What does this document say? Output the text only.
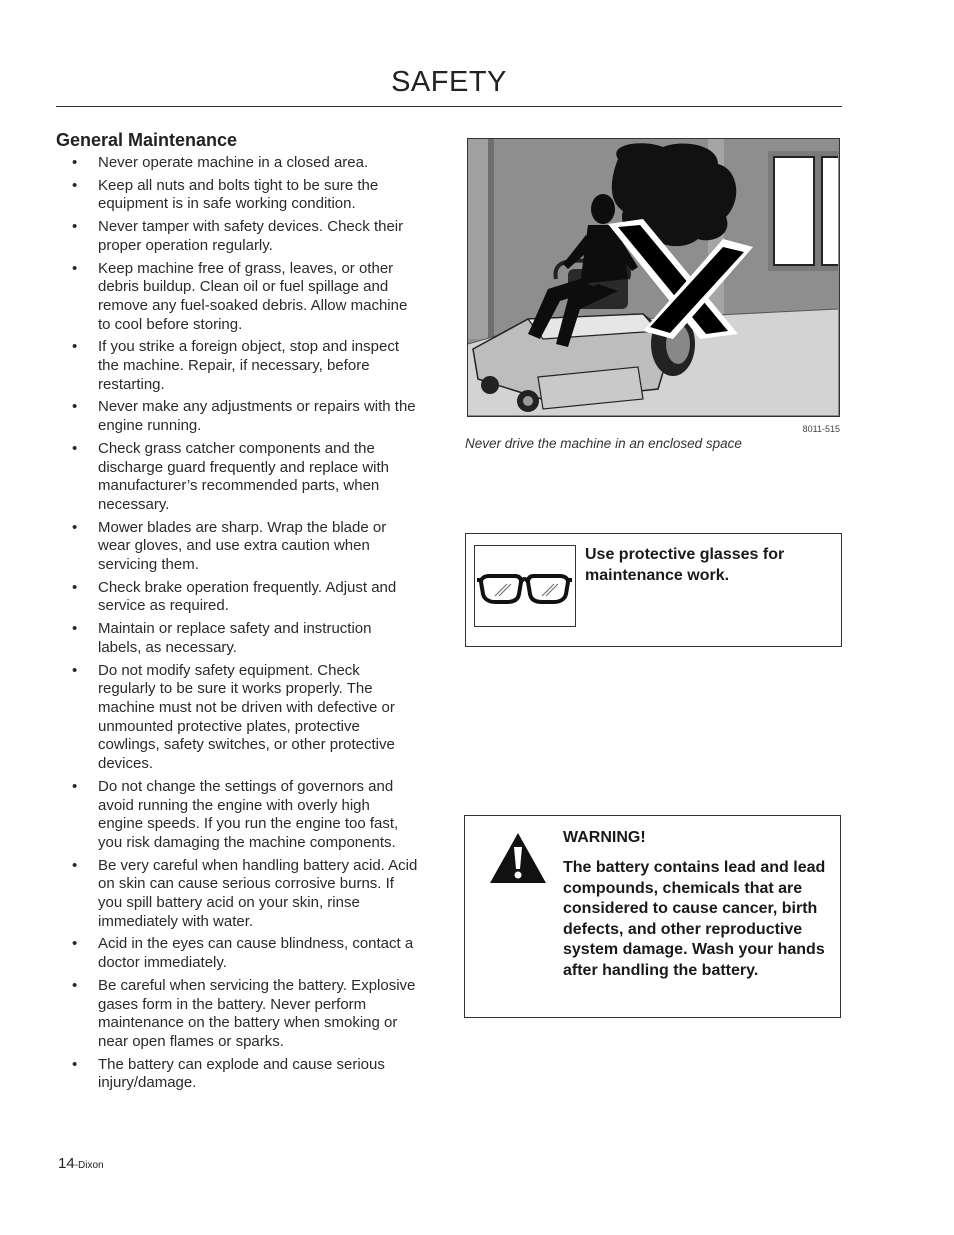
SAFETY
General Maintenance
• Never operate machine in a closed area.
• Keep all nuts and bolts tight to be sure the equipment is in safe working condition.
• Never tamper with safety devices. Check their proper operation regularly.
• Keep machine free of grass, leaves, or other debris buildup. Clean oil or fuel spillage and remove any fuel-soaked debris. Allow machine to cool before storing.
• If you strike a foreign object, stop and inspect the machine. Repair, if necessary, before restarting.
• Never make any adjustments or repairs with the engine running.
• Check grass catcher components and the discharge guard frequently and replace with manufacturer’s recommended parts, when necessary.
• Mower blades are sharp. Wrap the blade or wear gloves, and use extra caution when servicing them.
• Check brake operation frequently. Adjust and service as required.
• Maintain or replace safety and instruction labels, as necessary.
• Do not modify safety equipment. Check regularly to be sure it works properly. The machine must not be driven with defective or unmounted protective plates, protective cowlings, safety switches, or other protective devices.
• Do not change the settings of governors and avoid running the engine with overly high engine speeds. If you run the engine too fast, you risk damaging the machine components.
• Be very careful when handling battery acid. Acid on skin can cause serious corrosive burns. If you spill battery acid on your skin, rinse immediately with water.
• Acid in the eyes can cause blindness, contact a doctor immediately.
• Be careful when servicing the battery. Explosive gases form in the battery. Never perform maintenance on the battery when smoking or near open flames or sparks.
• The battery can explode and cause serious injury/damage.
8011-515
Never drive the machine in an enclosed space
Use protective glasses for maintenance work.
WARNING!
The battery contains lead and lead compounds, chemicals that are considered to cause cancer, birth defects, and other reproductive system damage. Wash your hands after handling the battery.
14-Dixon
